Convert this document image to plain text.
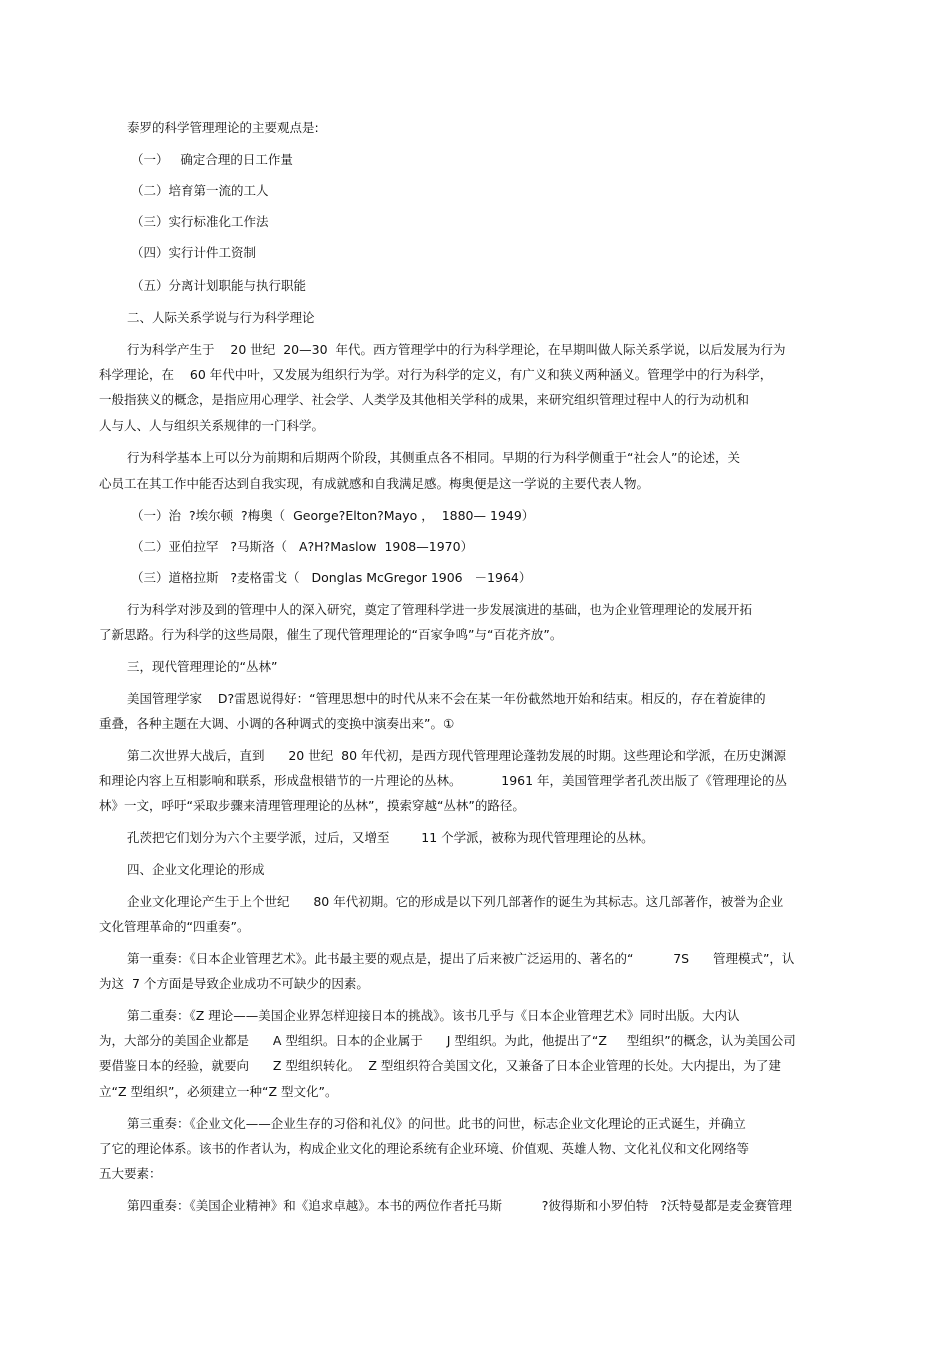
泰罗的科学管理理论的主要观点是:

（一）   确定合理的日工作量

（二）培育第一流的工人

（三）实行标准化工作法

（四）实行计件工资制

（五）分离计划职能与执行职能

二、人际关系学说与行为科学理论

行为科学产生于    20 世纪  20—30  年代。西方管理学中的行为科学理论，在早期叫做人际关系学说，以后发展为行为

科学理论，在    60 年代中叶，又发展为组织行为学。对行为科学的定义，有广义和狭义两种涵义。管理学中的行为科学，

一般指狭义的概念，是指应用心理学、社会学、人类学及其他相关学科的成果，来研究组织管理过程中人的行为动机和

人与人、人与组织关系规律的一门科学。

行为科学基本上可以分为前期和后期两个阶段，其侧重点各不相同。早期的行为科学侧重于“社会人”的论述，关

心员工在其工作中能否达到自我实现，有成就感和自我满足感。梅奥便是这一学说的主要代表人物。

（一）治  ?埃尔顿  ?梅奥（  George?Elton?Mayo ，  1880— 1949）

（二）亚伯拉罕   ?马斯洛（   A?H?Maslow  1908—1970）

（三）道格拉斯   ?麦格雷戈（   Donglas McGregor 1906   －1964）

行为科学对涉及到的管理中人的深入研究，奠定了管理科学进一步发展演进的基础，也为企业管理理论的发展开拓

了新思路。行为科学的这些局限，催生了现代管理理论的“百家争鸣”与“百花齐放”。

三，现代管理理论的“丛林”

美国管理学家    D?雷恩说得好：“管理思想中的时代从来不会在某一年份截然地开始和结束。相反的，存在着旋律的

重叠，各种主题在大调、小调的各种调式的变换中演奏出来”。①

第二次世界大战后，直到      20 世纪  80 年代初，是西方现代管理理论蓬勃发展的时期。这些理论和学派，在历史渊源

和理论内容上互相影响和联系，形成盘根错节的一片理论的丛林。          1961 年，美国管理学者孔茨出版了《管理理论的丛

林》一文，呼吁“采取步骤来清理管理理论的丛林”，摸索穿越“丛林”的路径。

孔茨把它们划分为六个主要学派，过后，又增至        11 个学派，被称为现代管理理论的丛林。

四、企业文化理论的形成

企业文化理论产生于上个世纪      80 年代初期。它的形成是以下列几部著作的诞生为其标志。这几部著作，被誉为企业

文化管理革命的“四重奏”。

第一重奏：《日本企业管理艺术》。此书最主要的观点是，提出了后来被广泛运用的、著名的“          7S      管理模式”，认

为这  7 个方面是导致企业成功不可缺少的因素。

第二重奏：《Z 理论——美国企业界怎样迎接日本的挑战》。该书几乎与《日本企业管理艺术》同时出版。大内认

为，大部分的美国企业都是      A 型组织。日本的企业属于      J 型组织。为此，他提出了“Z     型组织”的概念，认为美国公司

要借鉴日本的经验，就要向      Z 型组织转化。  Z 型组织符合美国文化，又兼备了日本企业管理的长处。大内提出，为了建

立“Z 型组织”，必须建立一种“Z 型文化”。

第三重奏：《企业文化——企业生存的习俗和礼仪》的问世。此书的问世，标志企业文化理论的正式诞生，并确立

了它的理论体系。该书的作者认为，构成企业文化的理论系统有企业环境、价值观、英雄人物、文化礼仪和文化网络等

五大要素：

第四重奏：《美国企业精神》和《追求卓越》。本书的两位作者托马斯          ?彼得斯和小罗伯特   ?沃特曼都是麦金赛管理
